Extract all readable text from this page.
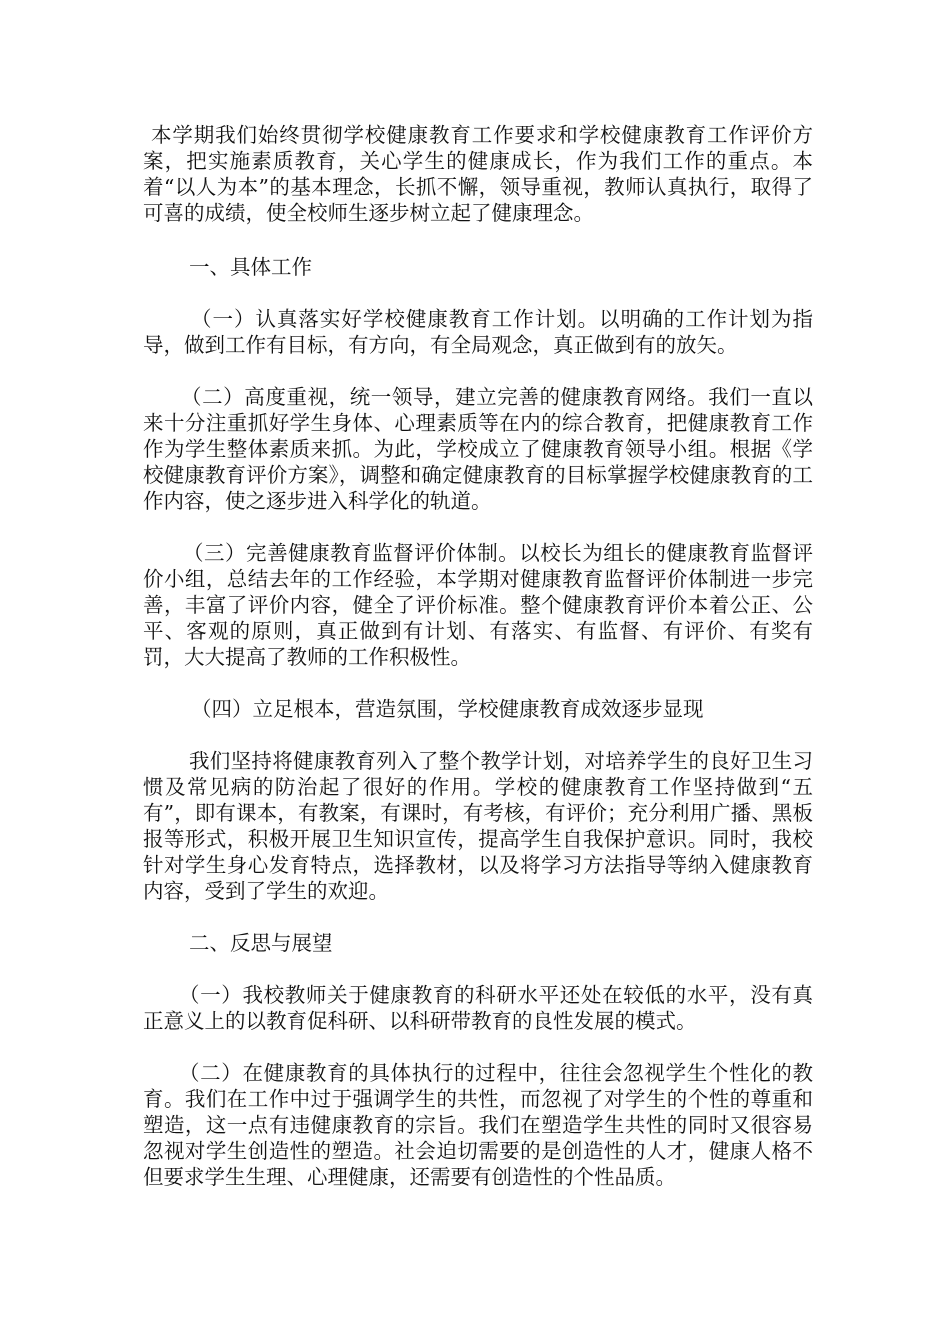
本学期我们始终贯彻学校健康教育工作要求和学校健康教育工作评价方案，把实施素质教育，关心学生的健康成长，作为我们工作的重点。本着“以人为本”的基本理念，长抓不懈，领导重视，教师认真执行，取得了可喜的成绩，使全校师生逐步树立起了健康理念。

一、具体工作

（一）认真落实好学校健康教育工作计划。以明确的工作计划为指导，做到工作有目标，有方向，有全局观念，真正做到有的放矢。

（二）高度重视，统一领导，建立完善的健康教育网络。我们一直以来十分注重抓好学生身体、心理素质等在内的综合教育，把健康教育工作作为学生整体素质来抓。为此，学校成立了健康教育领导小组。根据《学校健康教育评价方案》，调整和确定健康教育的目标掌握学校健康教育的工作内容，使之逐步进入科学化的轨道。

（三）完善健康教育监督评价体制。以校长为组长的健康教育监督评价小组，总结去年的工作经验，本学期对健康教育监督评价体制进一步完善，丰富了评价内容，健全了评价标准。整个健康教育评价本着公正、公平、客观的原则，真正做到有计划、有落实、有监督、有评价、有奖有罚，大大提高了教师的工作积极性。

（四）立足根本，营造氛围，学校健康教育成效逐步显现

我们坚持将健康教育列入了整个教学计划，对培养学生的良好卫生习惯及常见病的防治起了很好的作用。学校的健康教育工作坚持做到“五有”，即有课本，有教案，有课时，有考核，有评价；充分利用广播、黑板报等形式，积极开展卫生知识宣传，提高学生自我保护意识。同时，我校针对学生身心发育特点，选择教材，以及将学习方法指导等纳入健康教育内容，受到了学生的欢迎。

二、反思与展望

（一）我校教师关于健康教育的科研水平还处在较低的水平，没有真正意义上的以教育促科研、以科研带教育的良性发展的模式。

（二）在健康教育的具体执行的过程中，往往会忽视学生个性化的教育。我们在工作中过于强调学生的共性，而忽视了对学生的个性的尊重和塑造，这一点有违健康教育的宗旨。我们在塑造学生共性的同时又很容易忽视对学生创造性的塑造。社会迫切需要的是创造性的人才，健康人格不但要求学生生理、心理健康，还需要有创造性的个性品质。
